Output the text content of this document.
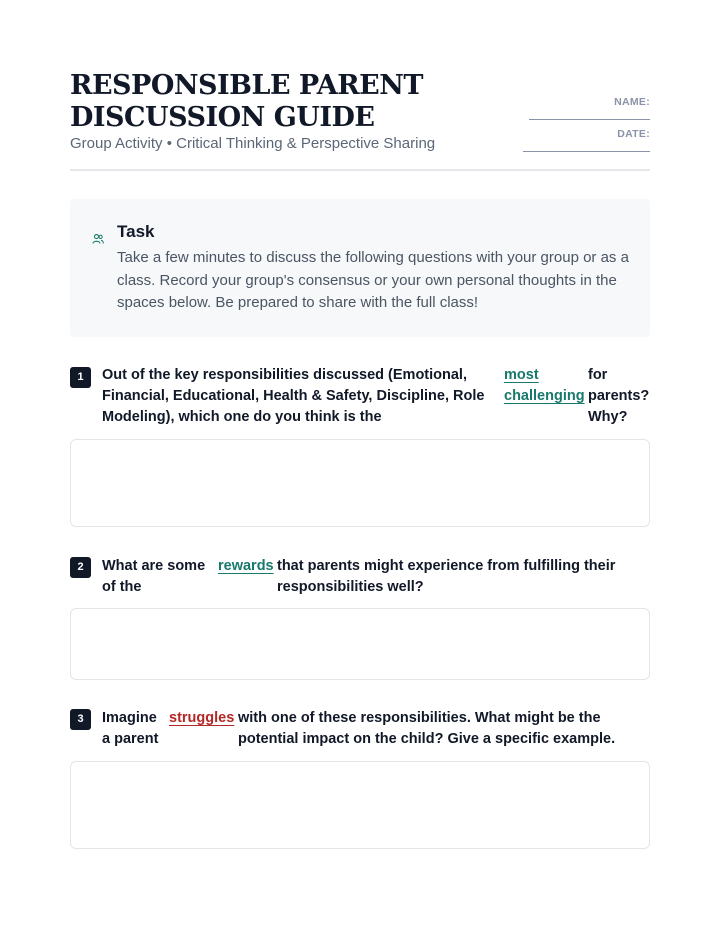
RESPONSIBLE PARENT DISCUSSION GUIDE
Group Activity • Critical Thinking & Perspective Sharing
NAME:
DATE:
Task
Take a few minutes to discuss the following questions with your group or as a class. Record your group's consensus or your own personal thoughts in the spaces below. Be prepared to share with the full class!
1	Out of the key responsibilities discussed (Emotional, Financial, Educational, Health & Safety, Discipline, Role Modeling), which one do you think is the
most challenging
for parents? Why?
2	What are some of the
rewards that parents might experience from fulfilling their responsibilities well?
3	Imagine a parent
struggles with one of these responsibilities. What might be the potential impact on the child? Give a specific example.
